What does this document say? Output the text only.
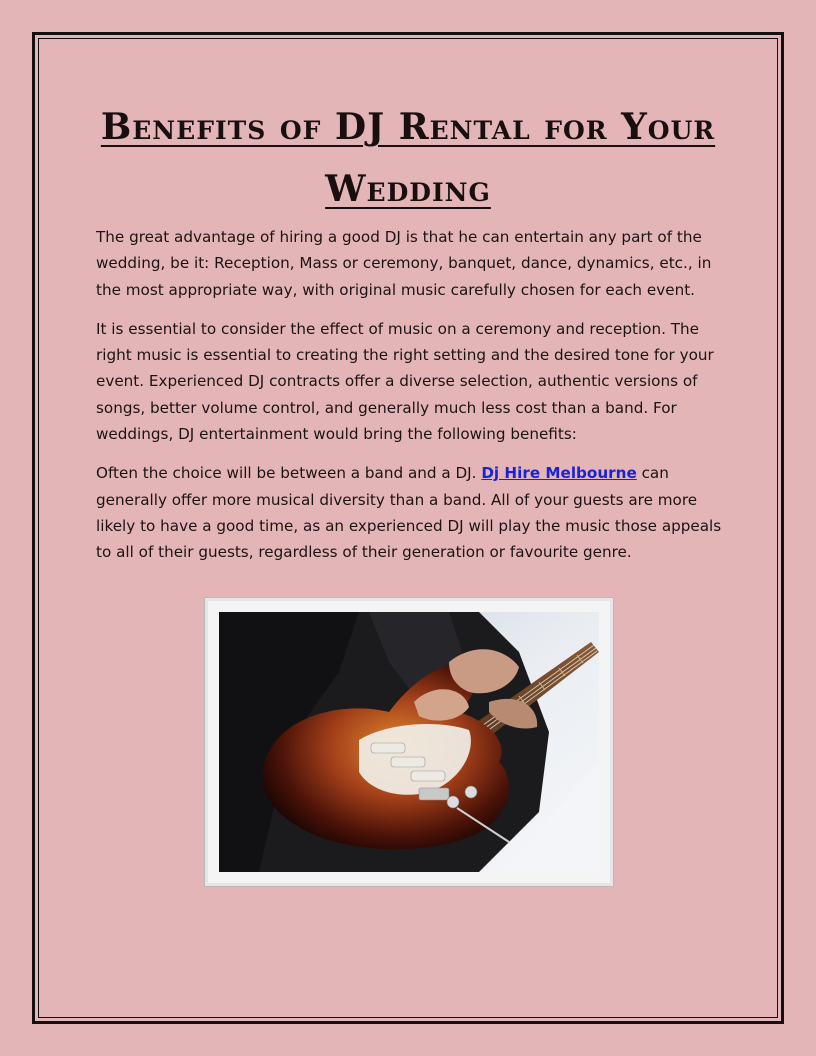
Benefits of DJ Rental for Your Wedding

The great advantage of hiring a good DJ is that he can entertain any part of the wedding, be it: Reception, Mass or ceremony, banquet, dance, dynamics, etc., in the most appropriate way, with original music carefully chosen for each event.

It is essential to consider the effect of music on a ceremony and reception. The right music is essential to creating the right setting and the desired tone for your event. Experienced DJ contracts offer a diverse selection, authentic versions of songs, better volume control, and generally much less cost than a band. For weddings, DJ entertainment would bring the following benefits:

Often the choice will be between a band and a DJ. Dj Hire Melbourne can generally offer more musical diversity than a band. All of your guests are more likely to have a good time, as an experienced DJ will play the music those appeals to all of their guests, regardless of their generation or favourite genre.
